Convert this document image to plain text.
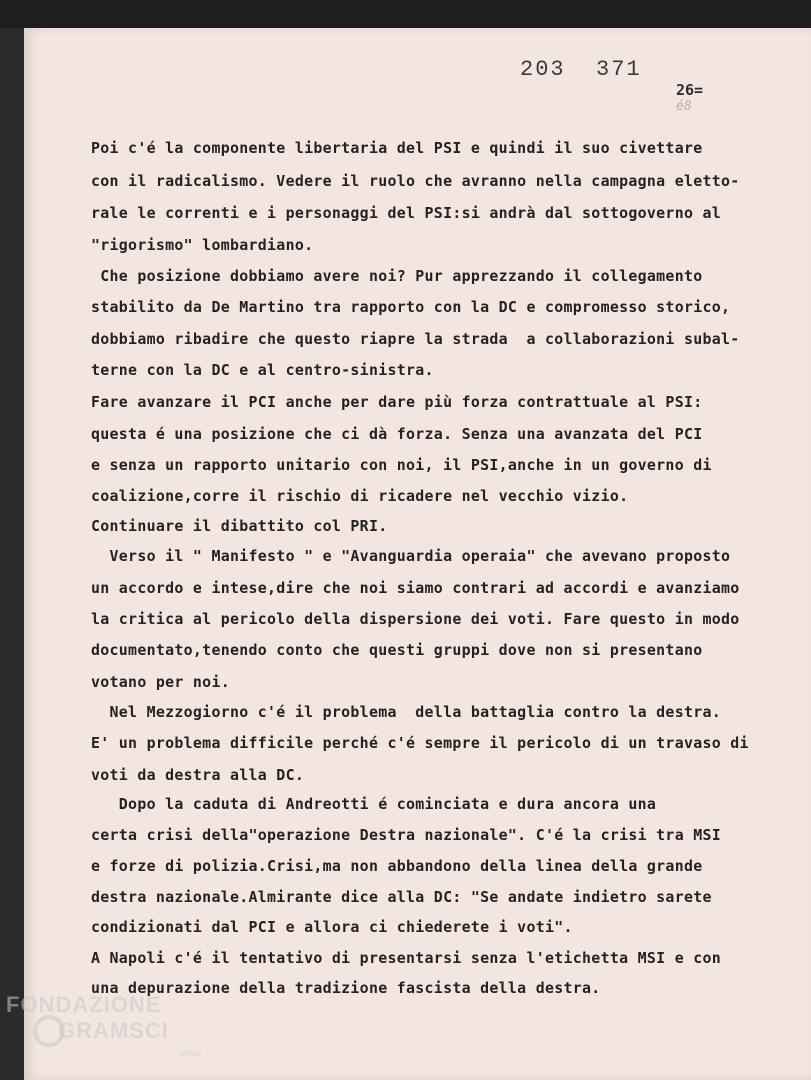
203  371
26=
é8
Poi c'é la componente libertaria del PSI e quindi il suo civettare
con il radicalismo. Vedere il ruolo che avranno nella campagna eletto-
rale le correnti e i personaggi del PSI:si andrà dal sottogoverno al
"rigorismo" lombardiano.
Che posizione dobbiamo avere noi? Pur apprezzando il collegamento
stabilito da De Martino tra rapporto con la DC e compromesso storico,
dobbiamo ribadire che questo riapre la strada  a collaborazioni subal-
terne con la DC e al centro-sinistra.
Fare avanzare il PCI anche per dare più forza contrattuale al PSI:
questa é una posizione che ci dà forza. Senza una avanzata del PCI
e senza un rapporto unitario con noi, il PSI,anche in un governo di
coalizione,corre il rischio di ricadere nel vecchio vizio.
Continuare il dibattito col PRI.
Verso il " Manifesto " e "Avanguardia operaia" che avevano proposto
un accordo e intese,dire che noi siamo contrari ad accordi e avanziamo
la critica al pericolo della dispersione dei voti. Fare questo in modo
documentato,tenendo conto che questi gruppi dove non si presentano
votano per noi.
Nel Mezzogiorno c'é il problema  della battaglia contro la destra.
E' un problema difficile perché c'é sempre il pericolo di un travaso di
voti da destra alla DC.
Dopo la caduta di Andreotti é cominciata e dura ancora una
certa crisi della"operazione Destra nazionale". C'é la crisi tra MSI
e forze di polizia.Crisi,ma non abbandono della linea della grande
destra nazionale.Almirante dice alla DC: "Se andate indietro sarete
condizionati dal PCI e allora ci chiederete i voti".
A Napoli c'é il tentativo di presentarsi senza l'etichetta MSI e con
una depurazione della tradizione fascista della destra.
FONDAZIONE
GRAMSCI
onlus
